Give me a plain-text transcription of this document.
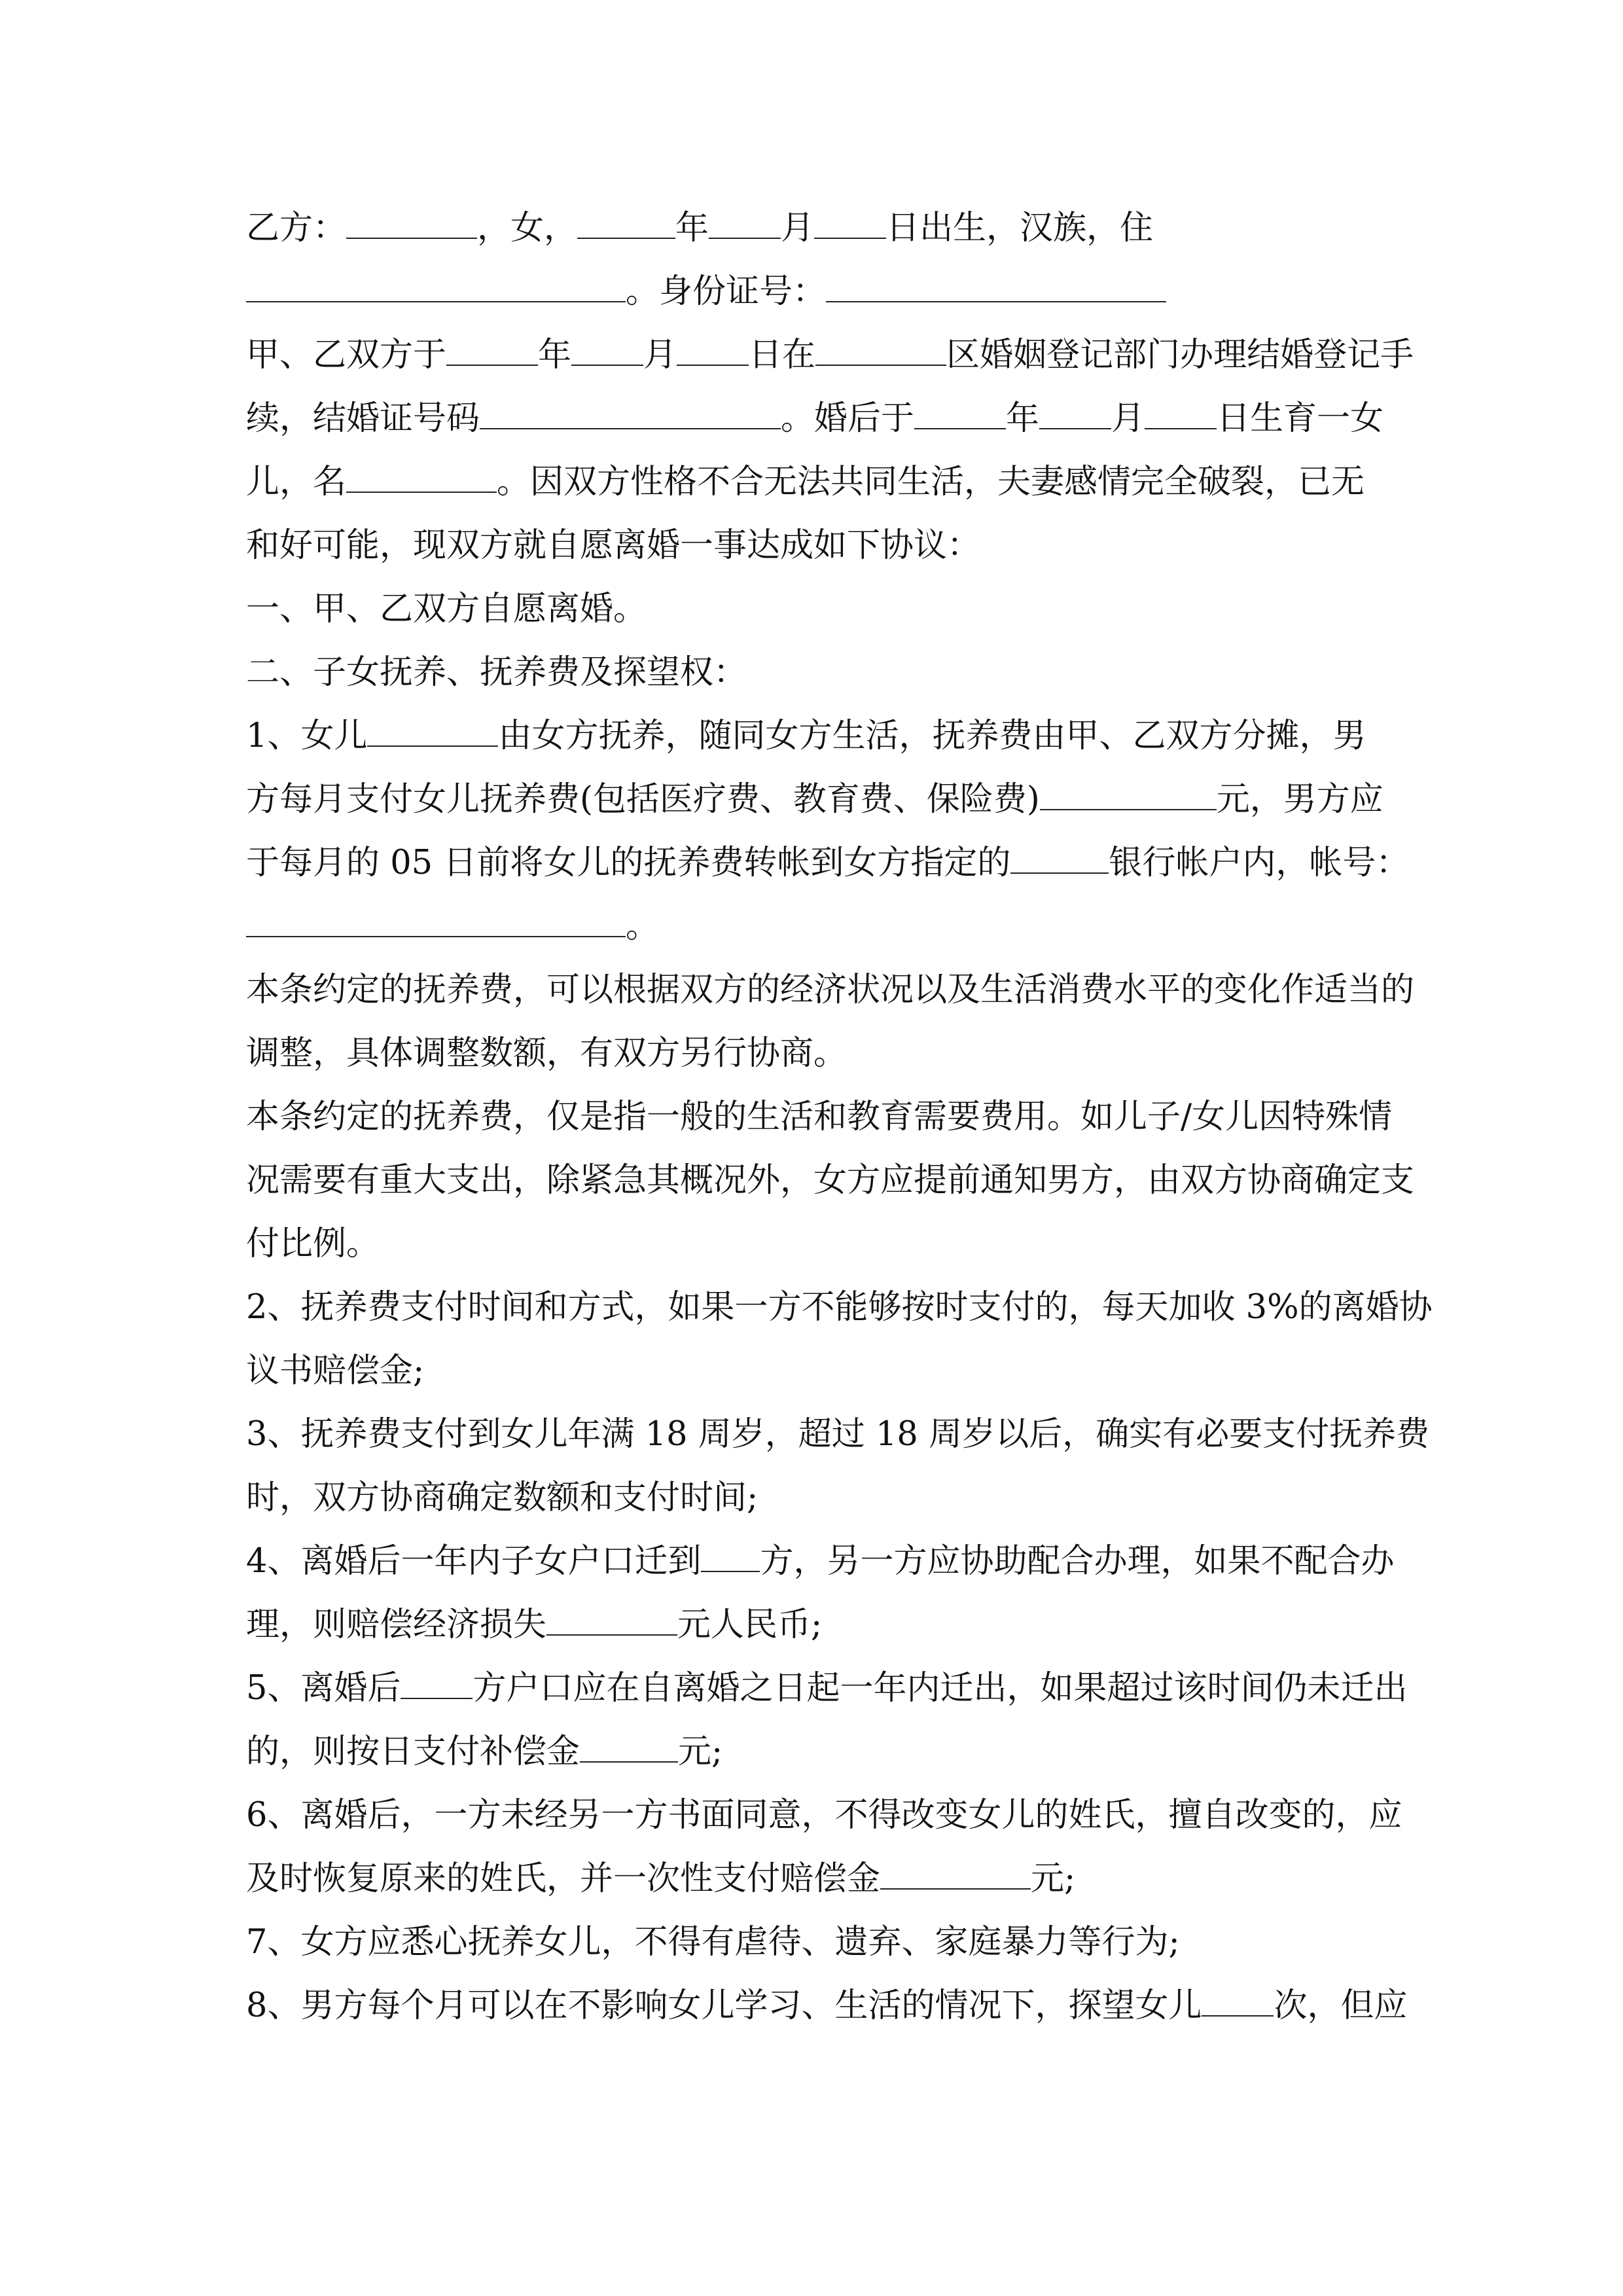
乙方：	，女，	年 月 日出生，汉族，住
。身份证号：
甲、乙双方于	年 月 日在	区婚姻登记部门办理结婚登记手
续，结婚证号码	。婚后于	年 月 日生育一女
儿，名	。因双方性格不合无法共同生活，夫妻感情完全破裂，已无
和好可能，现双方就自愿离婚一事达成如下协议：
一、甲、乙双方自愿离婚。
二、子女抚养、抚养费及探望权：
1、女儿	由女方抚养，随同女方生活，抚养费由甲、乙双方分摊，男
方每月支付女儿抚养费(包括医疗费、教育费、保险费)	元，男方应
于每月的 05 日前将女儿的抚养费转帐到女方指定的	银行帐户内，帐号：
。
本条约定的抚养费，可以根据双方的经济状况以及生活消费水平的变化作适当的
调整，具体调整数额，有双方另行协商。
本条约定的抚养费，仅是指一般的生活和教育需要费用。如儿子/女儿因特殊情
况需要有重大支出，除紧急其概况外，女方应提前通知男方，由双方协商确定支
付比例。
2、抚养费支付时间和方式，如果一方不能够按时支付的，每天加收 3%的离婚协
议书赔偿金;
3、抚养费支付到女儿年满 18 周岁，超过 18 周岁以后，确实有必要支付抚养费
时，双方协商确定数额和支付时间;
4、离婚后一年内子女户口迁到 方，另一方应协助配合办理，如果不配合办
理，则赔偿经济损失	元人民币;
5、离婚后 方户口应在自离婚之日起一年内迁出，如果超过该时间仍未迁出
的，则按日支付补偿金	元;
6、离婚后，一方未经另一方书面同意，不得改变女儿的姓氏，擅自改变的，应
及时恢复原来的姓氏，并一次性支付赔偿金	元;
7、女方应悉心抚养女儿，不得有虐待、遗弃、家庭暴力等行为;
8、男方每个月可以在不影响女儿学习、生活的情况下，探望女儿 次，但应
